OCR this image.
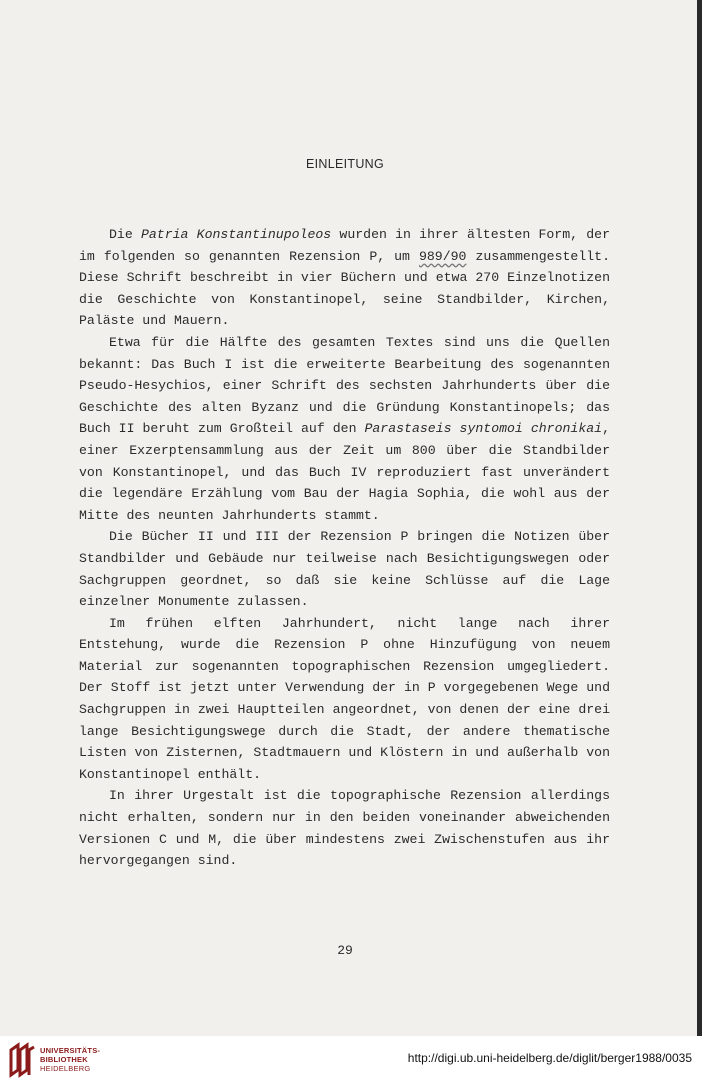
EINLEITUNG

Die Patria Konstantinupoleos wurden in ihrer ältesten Form, der im folgenden so genannten Rezension P, um 989/90 zusammengestellt. Diese Schrift beschreibt in vier Büchern und etwa 270 Einzelnotizen die Geschichte von Konstantinopel, seine Standbilder, Kirchen, Paläste und Mauern.

Etwa für die Hälfte des gesamten Textes sind uns die Quellen bekannt: Das Buch I ist die erweiterte Bearbeitung des sogenannten Pseudo-Hesychios, einer Schrift des sechsten Jahrhunderts über die Geschichte des alten Byzanz und die Gründung Konstantinopels; das Buch II beruht zum Großteil auf den Parastaseis syntomoi chronikai, einer Exzerptensammlung aus der Zeit um 800 über die Standbilder von Konstantinopel, und das Buch IV reproduziert fast unverändert die legendäre Erzählung vom Bau der Hagia Sophia, die wohl aus der Mitte des neunten Jahrhunderts stammt.

Die Bücher II und III der Rezension P bringen die Notizen über Standbilder und Gebäude nur teilweise nach Besichtigungswegen oder Sachgruppen geordnet, so daß sie keine Schlüsse auf die Lage einzelner Monumente zulassen.

Im frühen elften Jahrhundert, nicht lange nach ihrer Entstehung, wurde die Rezension P ohne Hinzufügung von neuem Material zur sogenannten topographischen Rezension umgegliedert. Der Stoff ist jetzt unter Verwendung der in P vorgegebenen Wege und Sachgruppen in zwei Hauptteilen angeordnet, von denen der eine drei lange Besichtigungswege durch die Stadt, der andere thematische Listen von Zisternen, Stadtmauern und Klöstern in und außerhalb von Konstantinopel enthält.

In ihrer Urgestalt ist die topographische Rezension allerdings nicht erhalten, sondern nur in den beiden voneinander abweichenden Versionen C und M, die über mindestens zwei Zwischenstufen aus ihr hervorgegangen sind.

29
UNIVERSITÄTS-
BIBLIOTHEK
HEIDELBERG
http://digi.ub.uni-heidelberg.de/diglit/berger1988/0035
